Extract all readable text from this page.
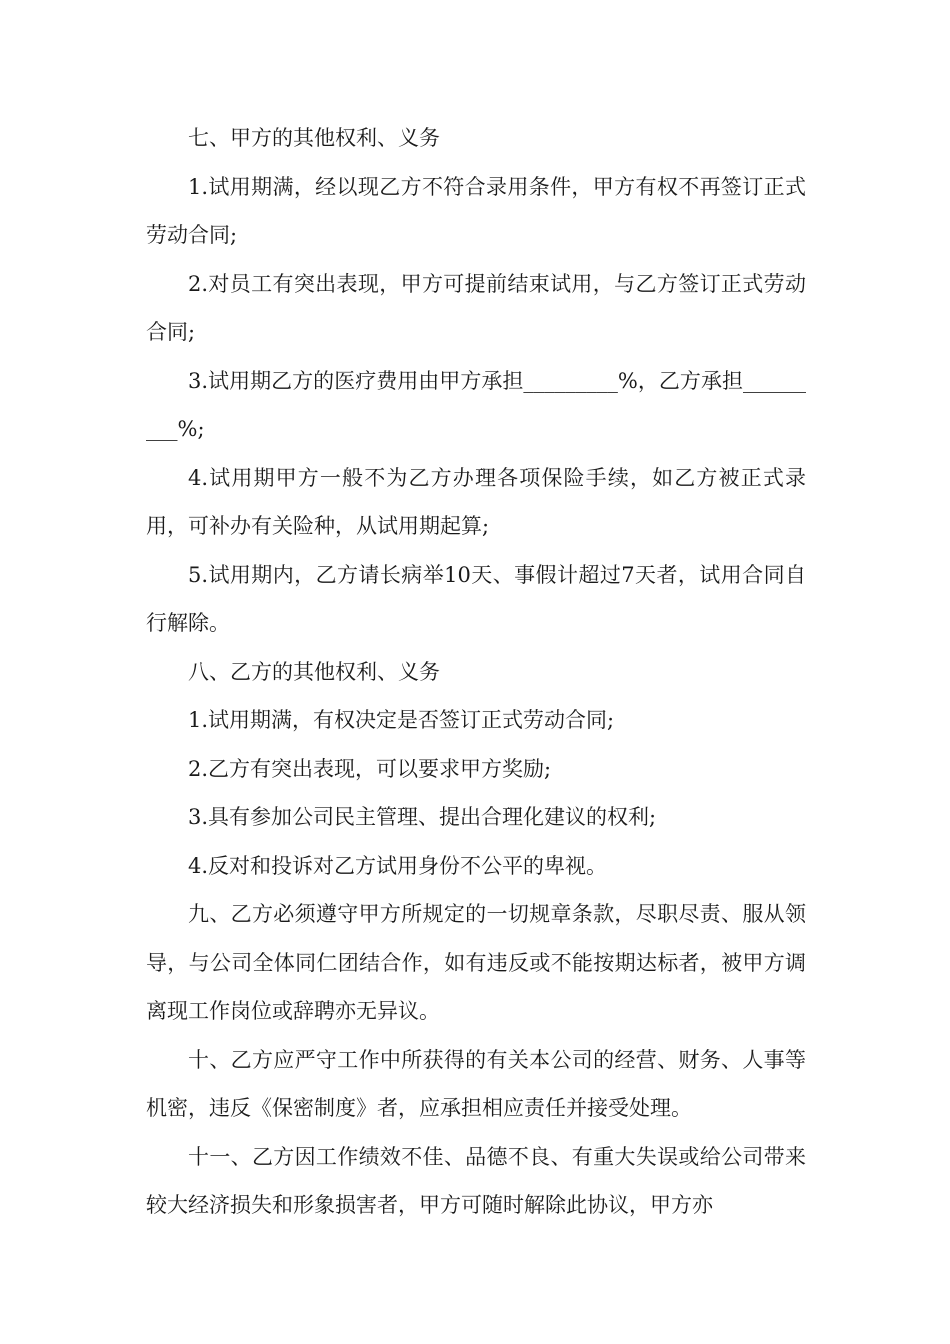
七、甲方的其他权利、义务

1.试用期满，经以现乙方不符合录用条件，甲方有权不再签订正式劳动合同;

2.对员工有突出表现，甲方可提前结束试用，与乙方签订正式劳动合同;

3.试用期乙方的医疗费用由甲方承担_________%，乙方承担_________%;

4.试用期甲方一般不为乙方办理各项保险手续，如乙方被正式录用，可补办有关险种，从试用期起算;

5.试用期内，乙方请长病举10天、事假计超过7天者，试用合同自行解除。

八、乙方的其他权利、义务

1.试用期满，有权决定是否签订正式劳动合同;

2.乙方有突出表现，可以要求甲方奖励;

3.具有参加公司民主管理、提出合理化建议的权利;

4.反对和投诉对乙方试用身份不公平的卑视。

九、乙方必须遵守甲方所规定的一切规章条款，尽职尽责、服从领导，与公司全体同仁团结合作，如有违反或不能按期达标者，被甲方调离现工作岗位或辞聘亦无异议。

十、乙方应严守工作中所获得的有关本公司的经营、财务、人事等机密，违反《保密制度》者，应承担相应责任并接受处理。

十一、乙方因工作绩效不佳、品德不良、有重大失误或给公司带来较大经济损失和形象损害者，甲方可随时解除此协议，甲方亦
